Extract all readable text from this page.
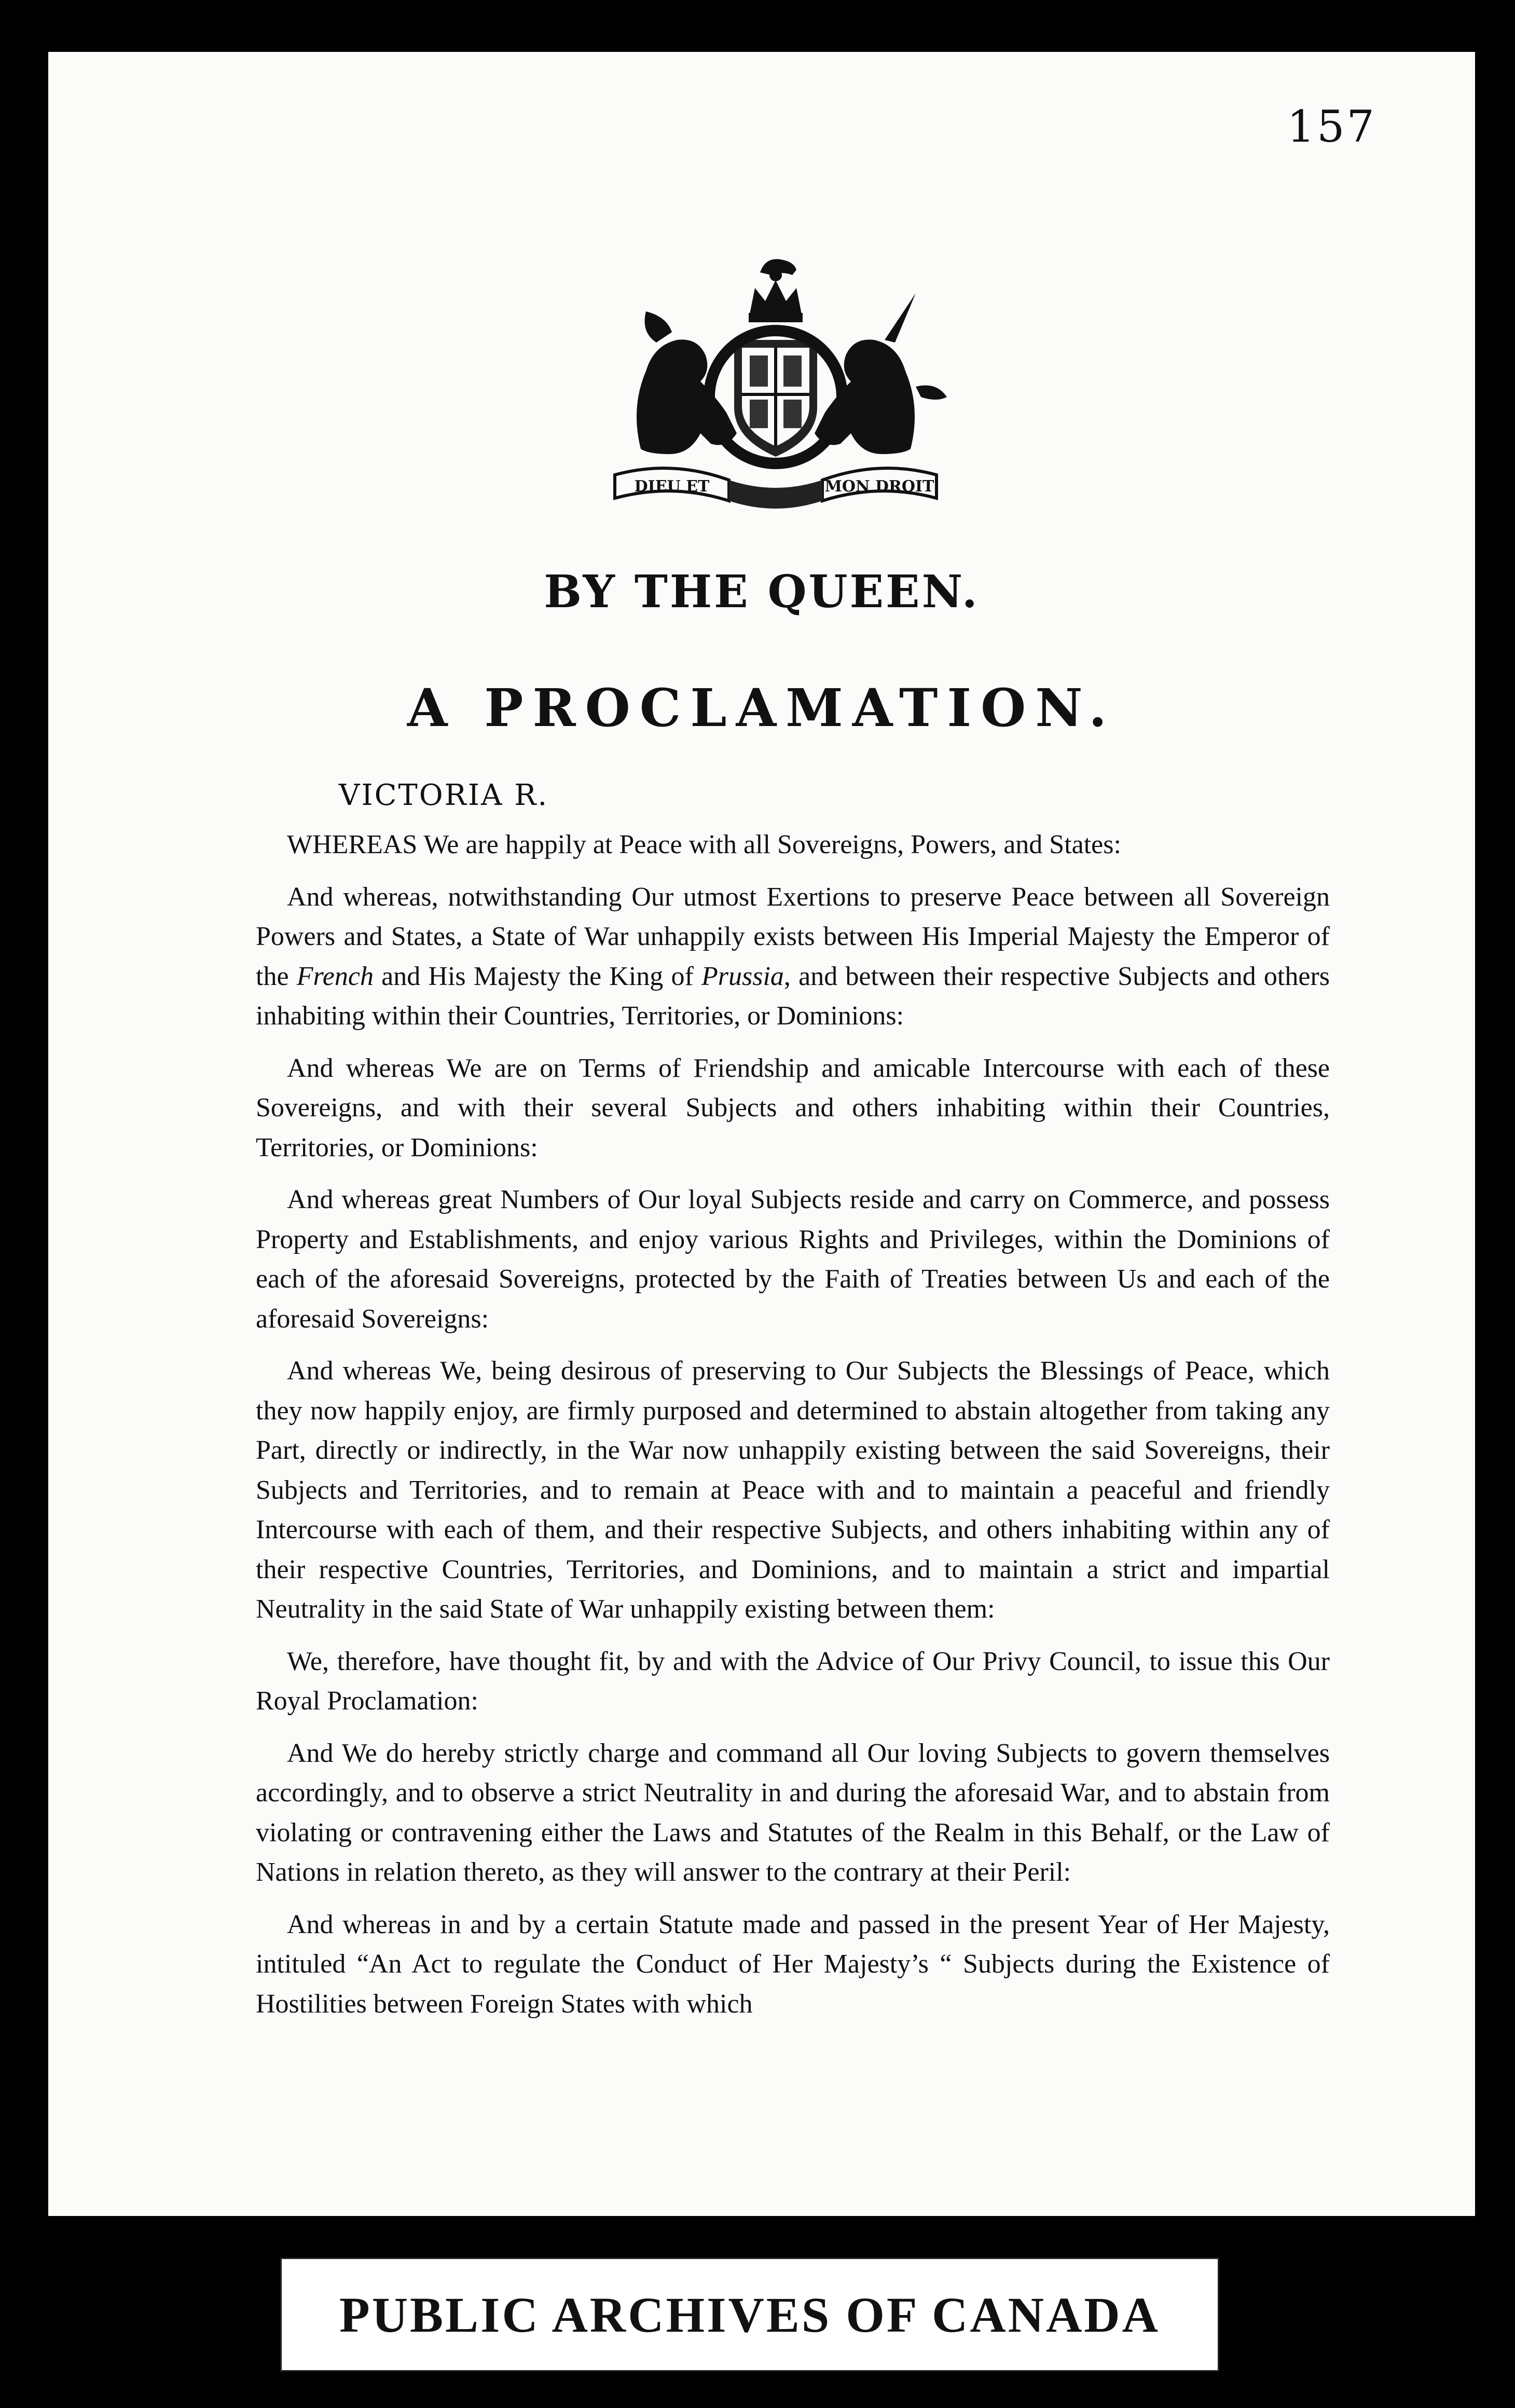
157
DIEU ET	MON DROIT
BY THE QUEEN.
A PROCLAMATION.
VICTORIA R.

WHEREAS We are happily at Peace with all Sovereigns, Powers, and States:

And whereas, notwithstanding Our utmost Exertions to preserve Peace between all Sovereign Powers and States, a State of War unhappily exists between His Imperial Majesty the Emperor of the French and His Majesty the King of Prussia, and between their respective Subjects and others inhabiting within their Countries, Territories, or Dominions:

And whereas We are on Terms of Friendship and amicable Intercourse with each of these Sovereigns, and with their several Subjects and others inhabiting within their Countries, Territories, or Dominions:

And whereas great Numbers of Our loyal Subjects reside and carry on Commerce, and possess Property and Establishments, and enjoy various Rights and Privileges, within the Dominions of each of the aforesaid Sovereigns, protected by the Faith of Treaties between Us and each of the aforesaid Sovereigns:

And whereas We, being desirous of preserving to Our Subjects the Blessings of Peace, which they now happily enjoy, are firmly purposed and determined to abstain altogether from taking any Part, directly or indirectly, in the War now unhappily existing between the said Sovereigns, their Subjects and Territories, and to remain at Peace with and to maintain a peaceful and friendly Intercourse with each of them, and their respective Subjects, and others inhabiting within any of their respective Countries, Territories, and Dominions, and to maintain a strict and impartial Neutrality in the said State of War unhappily existing between them:

We, therefore, have thought fit, by and with the Advice of Our Privy Council, to issue this Our Royal Proclamation:

And We do hereby strictly charge and command all Our loving Subjects to govern themselves accordingly, and to observe a strict Neutrality in and during the aforesaid War, and to abstain from violating or contravening either the Laws and Statutes of the Realm in this Behalf, or the Law of Nations in relation thereto, as they will answer to the contrary at their Peril:

And whereas in and by a certain Statute made and passed in the present Year of Her Majesty, intituled “An Act to regulate the Conduct of Her Majesty’s “ Subjects during the Existence of Hostilities between Foreign States with which

PUBLIC ARCHIVES OF CANADA
